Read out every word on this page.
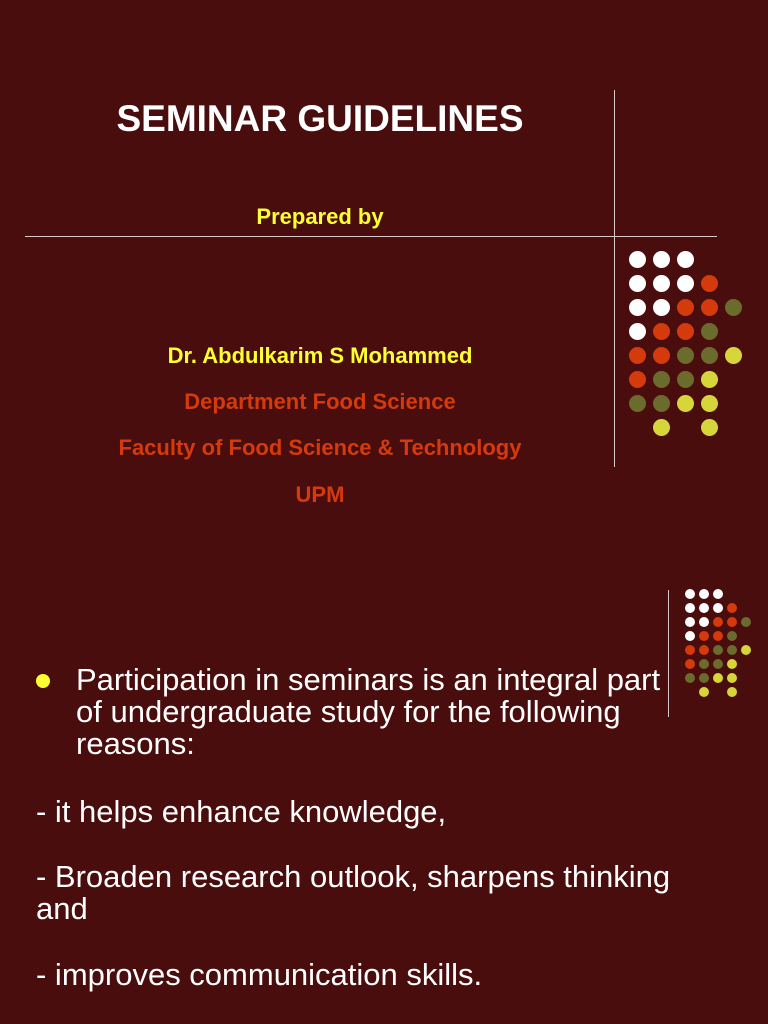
SEMINAR GUIDELINES
Prepared by
Dr. Abdulkarim S Mohammed
Department Food Science
Faculty of Food Science & Technology
UPM
Participation in seminars is an integral part of undergraduate study for the following reasons:
- it helps enhance knowledge,
- Broaden research outlook, sharpens thinking and
- improves communication skills.
